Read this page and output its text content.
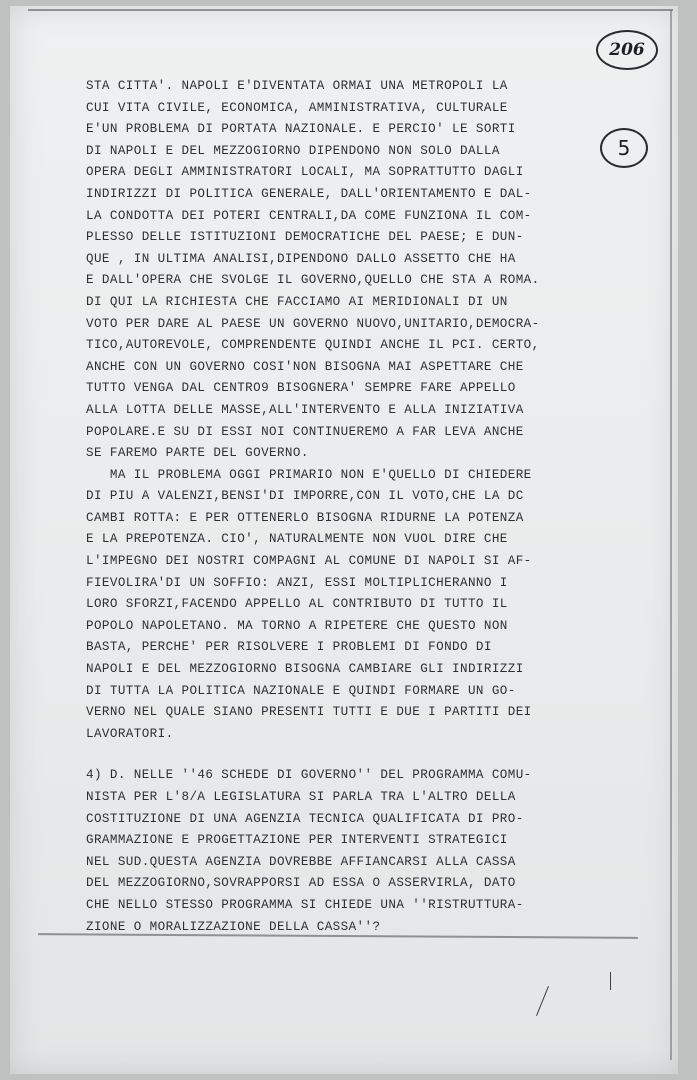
206
5
STA CITTA'. NAPOLI E'DIVENTATA ORMAI UNA METROPOLI LA
CUI VITA CIVILE, ECONOMICA, AMMINISTRATIVA, CULTURALE
E'UN PROBLEMA DI PORTATA NAZIONALE. E PERCIO' LE SORTI
DI NAPOLI E DEL MEZZOGIORNO DIPENDONO NON SOLO DALLA
OPERA DEGLI AMMINISTRATORI LOCALI, MA SOPRATTUTTO DAGLI
INDIRIZZI DI POLITICA GENERALE, DALL'ORIENTAMENTO E DAL-
LA CONDOTTA DEI POTERI CENTRALI,DA COME FUNZIONA IL COM-
PLESSO DELLE ISTITUZIONI DEMOCRATICHE DEL PAESE; E DUN-
QUE , IN ULTIMA ANALISI,DIPENDONO DALLO ASSETTO CHE HA
E DALL'OPERA CHE SVOLGE IL GOVERNO,QUELLO CHE STA A ROMA.
DI QUI LA RICHIESTA CHE FACCIAMO AI MERIDIONALI DI UN
VOTO PER DARE AL PAESE UN GOVERNO NUOVO,UNITARIO,DEMOCRA-
TICO,AUTOREVOLE, COMPRENDENTE QUINDI ANCHE IL PCI. CERTO,
ANCHE CON UN GOVERNO COSI'NON BISOGNA MAI ASPETTARE CHE
TUTTO VENGA DAL CENTRO9 BISOGNERA' SEMPRE FARE APPELLO
ALLA LOTTA DELLE MASSE,ALL'INTERVENTO E ALLA INIZIATIVA
POPOLARE.E SU DI ESSI NOI CONTINUEREMO A FAR LEVA ANCHE
SE FAREMO PARTE DEL GOVERNO.
MA IL PROBLEMA OGGI PRIMARIO NON E'QUELLO DI CHIEDERE
DI PIU A VALENZI,BENSI'DI IMPORRE,CON IL VOTO,CHE LA DC
CAMBI ROTTA: E PER OTTENERLO BISOGNA RIDURNE LA POTENZA
E LA PREPOTENZA. CIO', NATURALMENTE NON VUOL DIRE CHE
L'IMPEGNO DEI NOSTRI COMPAGNI AL COMUNE DI NAPOLI SI AF-
FIEVOLIRA'DI UN SOFFIO: ANZI, ESSI MOLTIPLICHERANNO I
LORO SFORZI,FACENDO APPELLO AL CONTRIBUTO DI TUTTO IL
POPOLO NAPOLETANO. MA TORNO A RIPETERE CHE QUESTO NON
BASTA, PERCHE' PER RISOLVERE I PROBLEMI DI FONDO DI
NAPOLI E DEL MEZZOGIORNO BISOGNA CAMBIARE GLI INDIRIZZI
DI TUTTA LA POLITICA NAZIONALE E QUINDI FORMARE UN GO-
VERNO NEL QUALE SIANO PRESENTI TUTTI E DUE I PARTITI DEI
LAVORATORI.
4) D. NELLE ''46 SCHEDE DI GOVERNO'' DEL PROGRAMMA COMU-
NISTA PER L'8/A LEGISLATURA SI PARLA TRA L'ALTRO DELLA
COSTITUZIONE DI UNA AGENZIA TECNICA QUALIFICATA DI PRO-
GRAMMAZIONE E PROGETTAZIONE PER INTERVENTI STRATEGICI
NEL SUD.QUESTA AGENZIA DOVREBBE AFFIANCARSI ALLA CASSA
DEL MEZZOGIORNO,SOVRAPPORSI AD ESSA O ASSERVIRLA, DATO
CHE NELLO STESSO PROGRAMMA SI CHIEDE UNA ''RISTRUTTURA-
ZIONE O MORALIZZAZIONE DELLA CASSA''?
